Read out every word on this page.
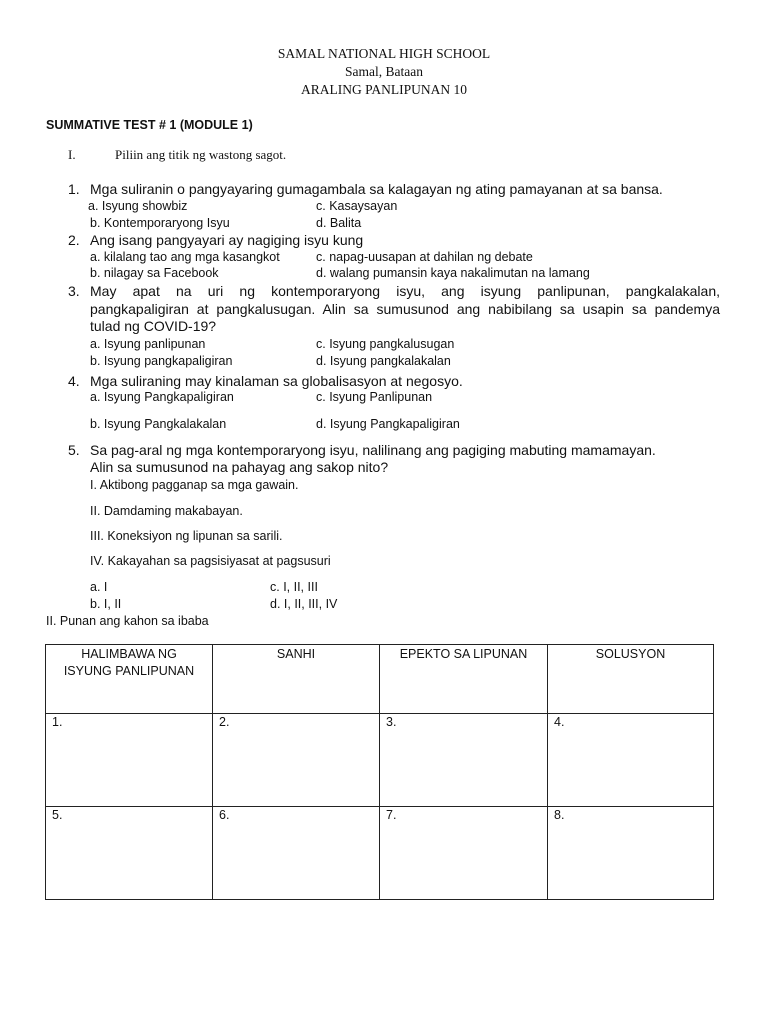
SAMAL NATIONAL HIGH SCHOOL
Samal, Bataan
ARALING PANLIPUNAN 10
SUMMATIVE TEST # 1 (MODULE 1)
I.	Piliin ang titik ng wastong sagot.
1. Mga suliranin o pangyayaring gumagambala sa kalagayan ng ating pamayanan at sa bansa.
a. Isyung showbiz	c. Kasaysayan
b. Kontemporaryong Isyu	d. Balita
2. Ang isang pangyayari ay nagiging isyu kung
a. kilalang tao ang mga kasangkot	c. napag-uusapan at dahilan ng debate
b. nilagay sa Facebook	d. walang pumansin kaya nakalimutan na lamang
3. May apat na uri ng kontemporaryong isyu, ang isyung panlipunan, pangkalakalan,
pangkapaligiran at pangkalusugan. Alin sa sumusunod ang nabibilang sa usapin sa pandemya
tulad ng COVID-19?
a. Isyung panlipunan	c. Isyung pangkalusugan
b. Isyung pangkapaligiran	d. Isyung pangkalakalan
4. Mga suliraning may kinalaman sa globalisasyon at negosyo.
a. Isyung Pangkapaligiran	c. Isyung Panlipunan
b. Isyung Pangkalakalan	d. Isyung Pangkapaligiran
5. Sa pag-aral ng mga kontemporaryong isyu, nalilinang ang pagiging mabuting mamamayan.
Alin sa sumusunod na pahayag ang sakop nito?
I. Aktibong pagganap sa mga gawain.
II. Damdaming makabayan.
III. Koneksiyon ng lipunan sa sarili.
IV. Kakayahan sa pagsisiyasat at pagsusuri
a. I	c. I, II, III
b. I, II	d. I, II, III, IV
II. Punan ang kahon sa ibaba
HALIMBAWA NG
ISYUNG PANLIPUNAN	SANHI	EPEKTO SA LIPUNAN	SOLUSYON

1.	2.	3.	4.
5.	6.	7.	8.
